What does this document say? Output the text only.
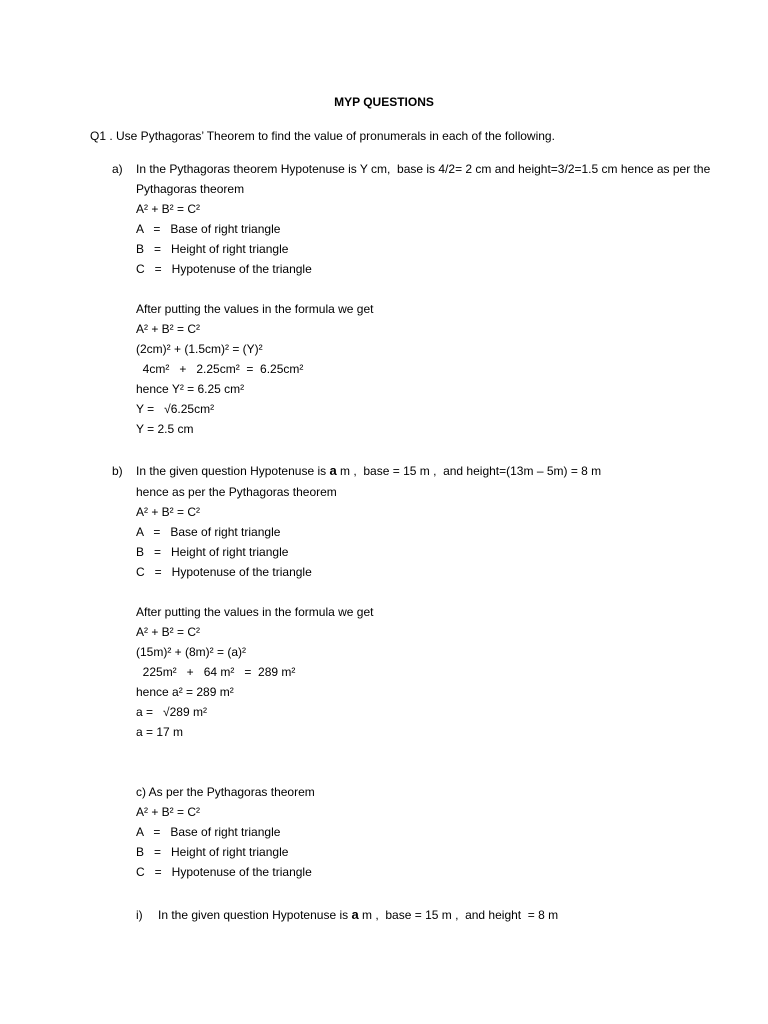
MYP QUESTIONS
Q1 . Use Pythagoras’ Theorem to find the value of pronumerals in each of the following.
a) In the Pythagoras theorem Hypotenuse is Y cm,  base is 4/2= 2 cm and height=3/2=1.5 cm hence as per the
Pythagoras theorem
A² + B² = C²
A   =   Base of right triangle
B   =   Height of right triangle
C   =   Hypotenuse of the triangle
After putting the values in the formula we get
A² + B² = C²
(2cm)² + (1.5cm)² = (Y)²
4cm²   +   2.25cm²  =  6.25cm²
hence Y² = 6.25 cm²
Y =   √6.25cm²
Y = 2.5 cm
b) In the given question Hypotenuse is a m ,  base = 15 m ,  and height=(13m – 5m) = 8 m
hence as per the Pythagoras theorem
A² + B² = C²
A   =   Base of right triangle
B   =   Height of right triangle
C   =   Hypotenuse of the triangle
After putting the values in the formula we get
A² + B² = C²
(15m)² + (8m)² = (a)²
225m²   +   64 m²   =  289 m²
hence a² = 289 m²
a =   √289 m²
a = 17 m
c) As per the Pythagoras theorem
A² + B² = C²
A   =   Base of right triangle
B   =   Height of right triangle
C   =   Hypotenuse of the triangle
i) In the given question Hypotenuse is a m ,  base = 15 m ,  and height  = 8 m
